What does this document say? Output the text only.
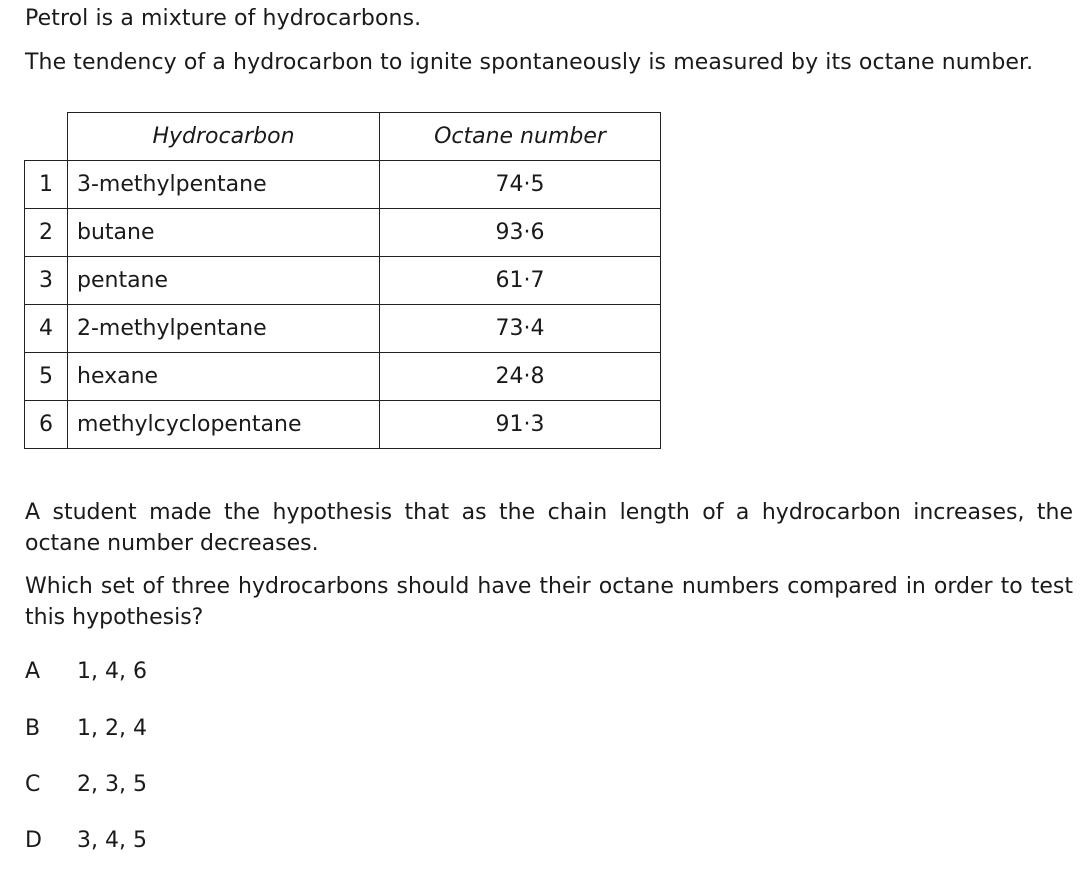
Petrol is a mixture of hydrocarbons.
The tendency of a hydrocarbon to ignite spontaneously is measured by its octane number.
	Hydrocarbon	Octane number
1	3-methylpentane	74·5
2	butane	93·6
3	pentane	61·7
4	2-methylpentane	73·4
5	hexane	24·8
6	methylcyclopentane	91·3
A student made the hypothesis that as the chain length of a hydrocarbon increases, the octane number decreases.
Which set of three hydrocarbons should have their octane numbers compared in order to test this hypothesis?
A 1, 4, 6
B 1, 2, 4
C 2, 3, 5
D 3, 4, 5
